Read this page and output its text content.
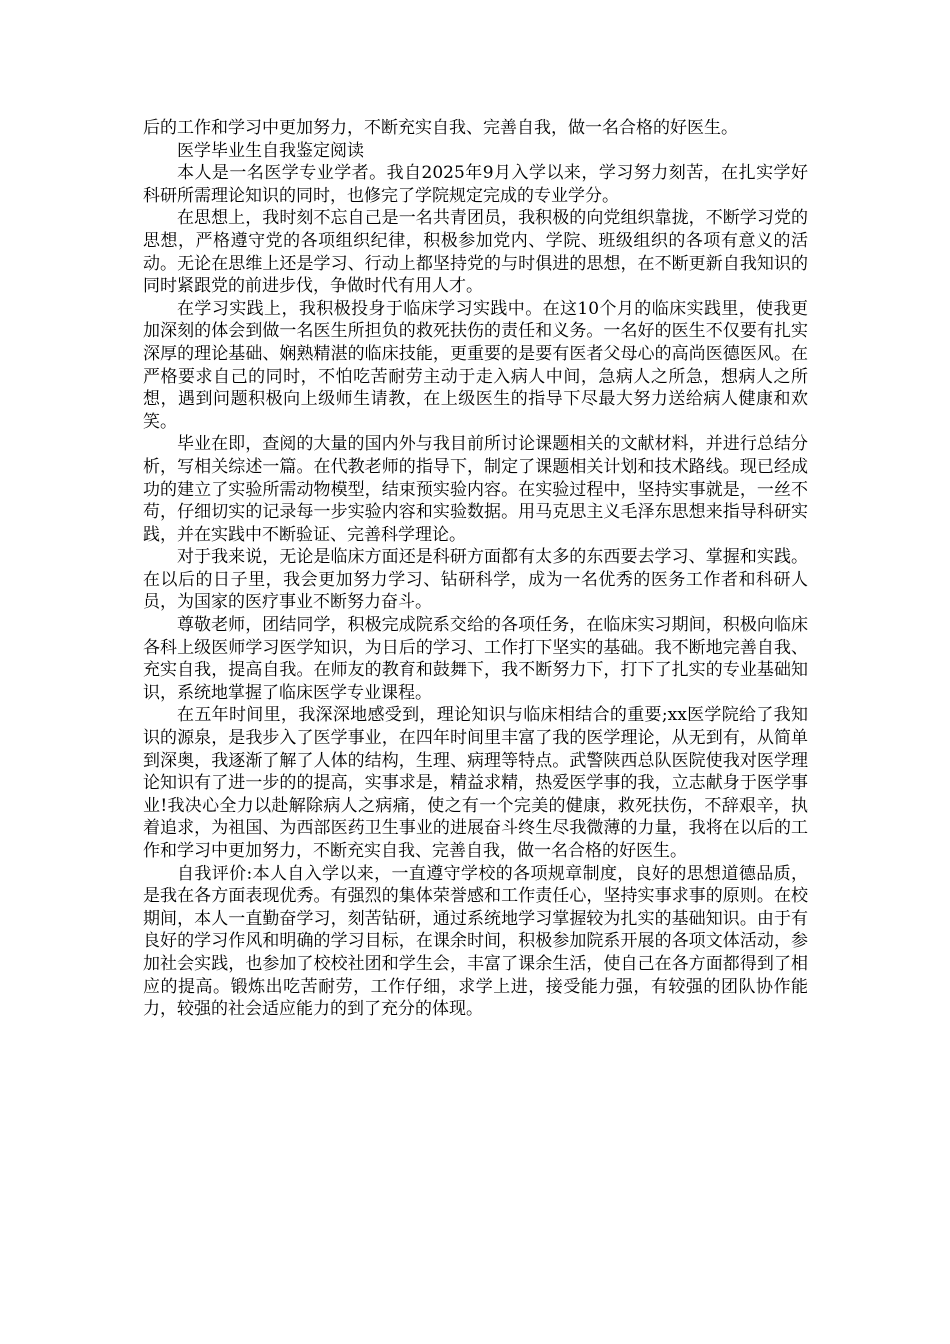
后的工作和学习中更加努力，不断充实自我、完善自我，做一名合格的好医生。

医学毕业生自我鉴定阅读

本人是一名医学专业学者。我自2025年9月入学以来，学习努力刻苦，在扎实学好科研所需理论知识的同时，也修完了学院规定完成的专业学分。

在思想上，我时刻不忘自己是一名共青团员，我积极的向党组织靠拢，不断学习党的思想，严格遵守党的各项组织纪律，积极参加党内、学院、班级组织的各项有意义的活动。无论在思维上还是学习、行动上都坚持党的与时俱进的思想，在不断更新自我知识的同时紧跟党的前进步伐，争做时代有用人才。

在学习实践上，我积极投身于临床学习实践中。在这10个月的临床实践里，使我更加深刻的体会到做一名医生所担负的救死扶伤的责任和义务。一名好的医生不仅要有扎实深厚的理论基础、娴熟精湛的临床技能，更重要的是要有医者父母心的高尚医德医风。在严格要求自己的同时，不怕吃苦耐劳主动于走入病人中间，急病人之所急，想病人之所想，遇到问题积极向上级师生请教，在上级医生的指导下尽最大努力送给病人健康和欢笑。

毕业在即，查阅的大量的国内外与我目前所讨论课题相关的文献材料，并进行总结分析，写相关综述一篇。在代教老师的指导下，制定了课题相关计划和技术路线。现已经成功的建立了实验所需动物模型，结束预实验内容。在实验过程中，坚持实事就是，一丝不苟，仔细切实的记录每一步实验内容和实验数据。用马克思主义毛泽东思想来指导科研实践，并在实践中不断验证、完善科学理论。

对于我来说，无论是临床方面还是科研方面都有太多的东西要去学习、掌握和实践。在以后的日子里，我会更加努力学习、钻研科学，成为一名优秀的医务工作者和科研人员，为国家的医疗事业不断努力奋斗。

尊敬老师，团结同学，积极完成院系交给的各项任务，在临床实习期间，积极向临床各科上级医师学习医学知识，为日后的学习、工作打下坚实的基础。我不断地完善自我、充实自我，提高自我。在师友的教育和鼓舞下，我不断努力下，打下了扎实的专业基础知识，系统地掌握了临床医学专业课程。

在五年时间里，我深深地感受到，理论知识与临床相结合的重要;xx医学院给了我知识的源泉，是我步入了医学事业，在四年时间里丰富了我的医学理论，从无到有，从简单到深奥，我逐渐了解了人体的结构，生理、病理等特点。武警陕西总队医院使我对医学理论知识有了进一步的的提高，实事求是，精益求精，热爱医学事的我，立志献身于医学事业!我决心全力以赴解除病人之病痛，使之有一个完美的健康，救死扶伤，不辞艰辛，执着追求，为祖国、为西部医药卫生事业的进展奋斗终生尽我微薄的力量，我将在以后的工作和学习中更加努力，不断充实自我、完善自我，做一名合格的好医生。

自我评价:本人自入学以来，一直遵守学校的各项规章制度，良好的思想道德品质，是我在各方面表现优秀。有强烈的集体荣誉感和工作责任心，坚持实事求事的原则。在校期间，本人一直勤奋学习，刻苦钻研，通过系统地学习掌握较为扎实的基础知识。由于有良好的学习作风和明确的学习目标，在课余时间，积极参加院系开展的各项文体活动，参加社会实践，也参加了校校社团和学生会，丰富了课余生活，使自己在各方面都得到了相应的提高。锻炼出吃苦耐劳，工作仔细，求学上进，接受能力强，有较强的团队协作能力，较强的社会适应能力的到了充分的体现。
